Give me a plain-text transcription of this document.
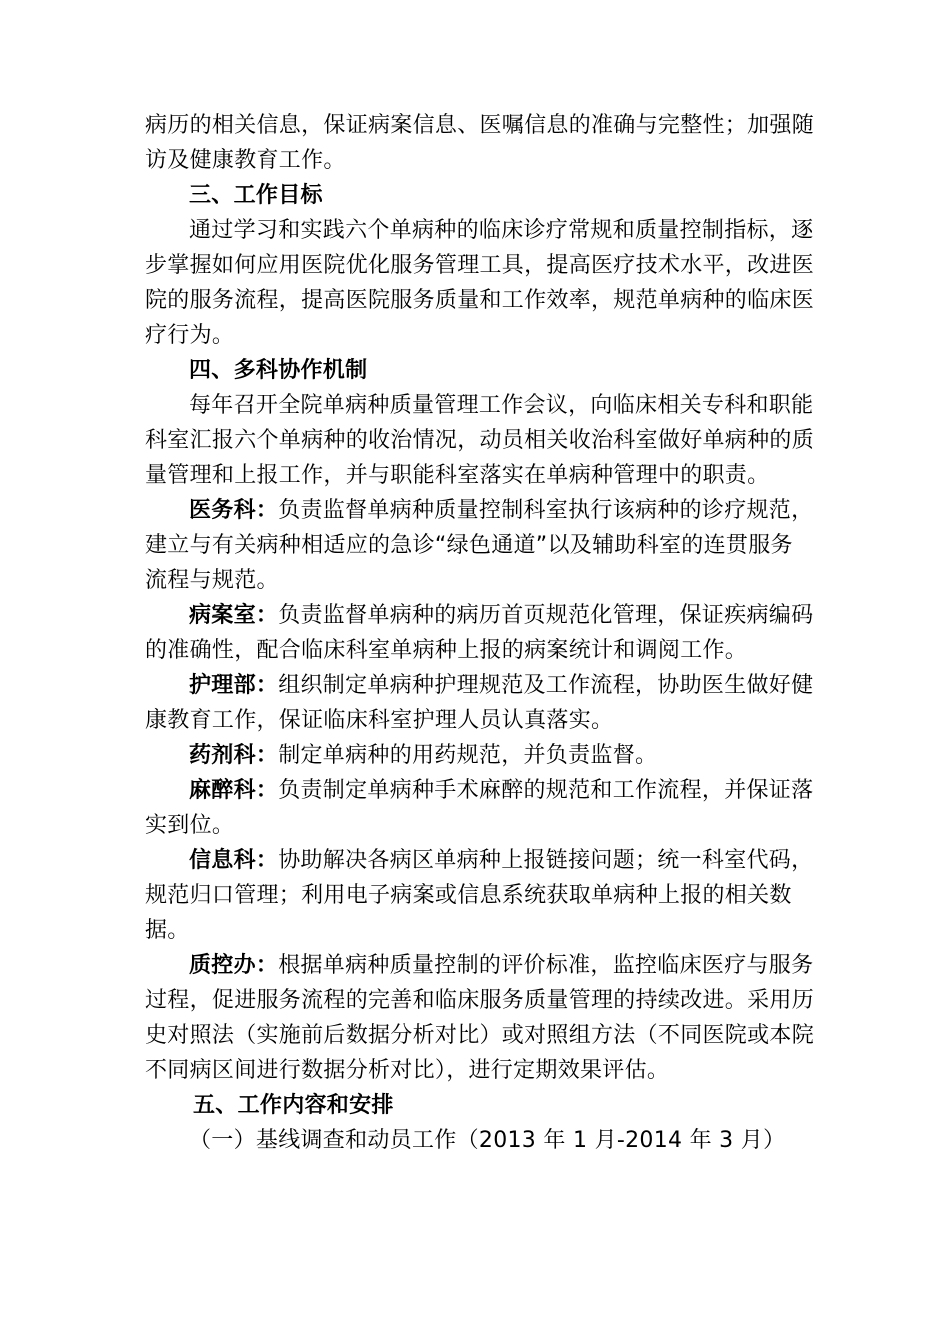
病历的相关信息，保证病案信息、医嘱信息的准确与完整性；加强随
访及健康教育工作。
三、工作目标
通过学习和实践六个单病种的临床诊疗常规和质量控制指标，逐
步掌握如何应用医院优化服务管理工具，提高医疗技术水平，改进医
院的服务流程，提高医院服务质量和工作效率，规范单病种的临床医
疗行为。
四、多科协作机制
每年召开全院单病种质量管理工作会议，向临床相关专科和职能
科室汇报六个单病种的收治情况，动员相关收治科室做好单病种的质
量管理和上报工作，并与职能科室落实在单病种管理中的职责。
医务科：负责监督单病种质量控制科室执行该病种的诊疗规范，
建立与有关病种相适应的急诊“绿色通道”以及辅助科室的连贯服务
流程与规范。
病案室：负责监督单病种的病历首页规范化管理，保证疾病编码
的准确性，配合临床科室单病种上报的病案统计和调阅工作。
护理部：组织制定单病种护理规范及工作流程，协助医生做好健
康教育工作，保证临床科室护理人员认真落实。
药剂科：制定单病种的用药规范，并负责监督。
麻醉科：负责制定单病种手术麻醉的规范和工作流程，并保证落
实到位。
信息科：协助解决各病区单病种上报链接问题；统一科室代码，
规范归口管理；利用电子病案或信息系统获取单病种上报的相关数
据。
质控办：根据单病种质量控制的评价标准，监控临床医疗与服务
过程，促进服务流程的完善和临床服务质量管理的持续改进。采用历
史对照法（实施前后数据分析对比）或对照组方法（不同医院或本院
不同病区间进行数据分析对比），进行定期效果评估。
五、工作内容和安排
（一）基线调查和动员工作（2013 年 1 月-2014 年 3 月）
